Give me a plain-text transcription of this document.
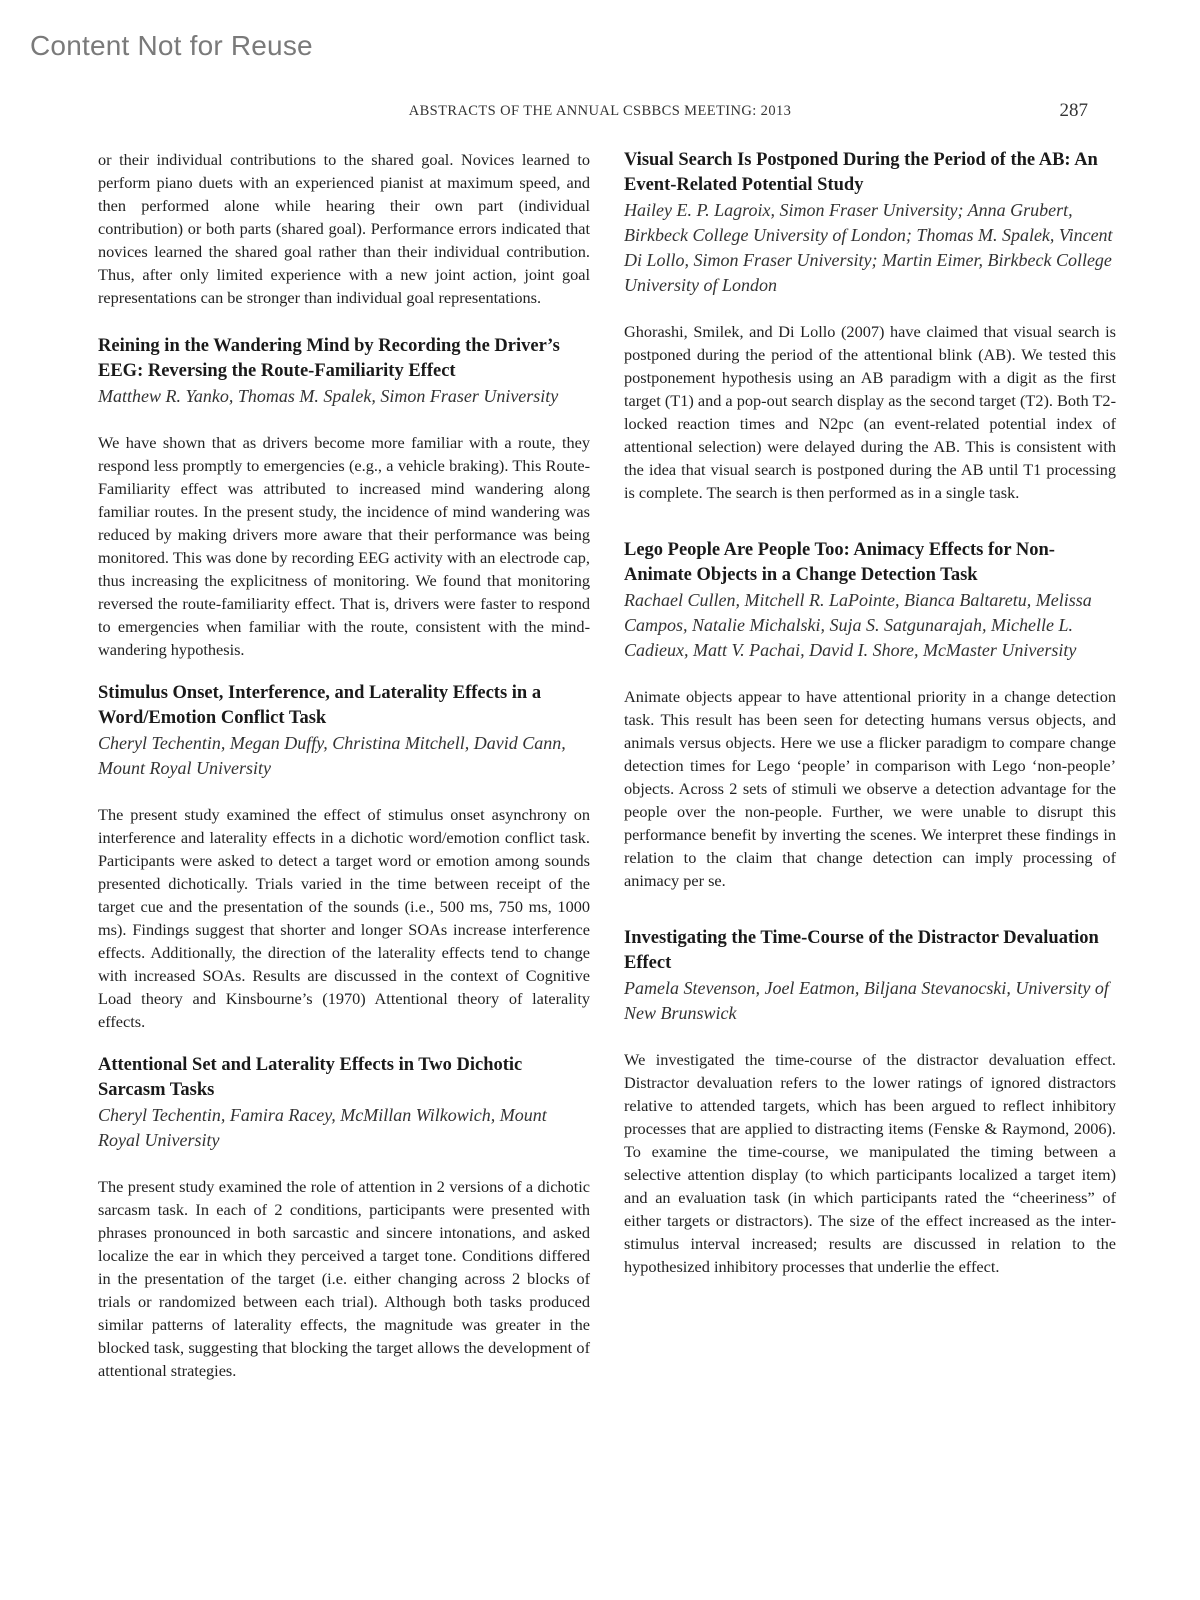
Content Not for Reuse
ABSTRACTS OF THE ANNUAL CSBBCS MEETING: 2013	287

or their individual contributions to the shared goal. Novices learned to perform piano duets with an experienced pianist at maximum speed, and then performed alone while hearing their own part (individual contribution) or both parts (shared goal). Performance errors indicated that novices learned the shared goal rather than their individual contribution. Thus, after only limited experience with a new joint action, joint goal representations can be stronger than individual goal representations.

Reining in the Wandering Mind by Recording the Driver’s EEG: Reversing the Route-Familiarity Effect

Matthew R. Yanko, Thomas M. Spalek, Simon Fraser University

We have shown that as drivers become more familiar with a route, they respond less promptly to emergencies (e.g., a vehicle braking). This Route-Familiarity effect was attributed to increased mind wandering along familiar routes. In the present study, the incidence of mind wandering was reduced by making drivers more aware that their performance was being monitored. This was done by recording EEG activity with an electrode cap, thus increasing the explicitness of monitoring. We found that monitoring reversed the route-familiarity effect. That is, drivers were faster to respond to emergencies when familiar with the route, consistent with the mind-wandering hypothesis.

Stimulus Onset, Interference, and Laterality Effects in a Word/Emotion Conflict Task

Cheryl Techentin, Megan Duffy, Christina Mitchell, David Cann, Mount Royal University

The present study examined the effect of stimulus onset asynchrony on interference and laterality effects in a dichotic word/emotion conflict task. Participants were asked to detect a target word or emotion among sounds presented dichotically. Trials varied in the time between receipt of the target cue and the presentation of the sounds (i.e., 500 ms, 750 ms, 1000 ms). Findings suggest that shorter and longer SOAs increase interference effects. Additionally, the direction of the laterality effects tend to change with increased SOAs. Results are discussed in the context of Cognitive Load theory and Kinsbourne’s (1970) Attentional theory of laterality effects.

Attentional Set and Laterality Effects in Two Dichotic Sarcasm Tasks

Cheryl Techentin, Famira Racey, McMillan Wilkowich, Mount Royal University

The present study examined the role of attention in 2 versions of a dichotic sarcasm task. In each of 2 conditions, participants were presented with phrases pronounced in both sarcastic and sincere intonations, and asked localize the ear in which they perceived a target tone. Conditions differed in the presentation of the target (i.e. either changing across 2 blocks of trials or randomized between each trial). Although both tasks produced similar patterns of laterality effects, the magnitude was greater in the blocked task, suggesting that blocking the target allows the development of attentional strategies.

Visual Search Is Postponed During the Period of the AB: An Event-Related Potential Study

Hailey E. P. Lagroix, Simon Fraser University; Anna Grubert, Birkbeck College University of London; Thomas M. Spalek, Vincent Di Lollo, Simon Fraser University; Martin Eimer, Birkbeck College University of London

Ghorashi, Smilek, and Di Lollo (2007) have claimed that visual search is postponed during the period of the attentional blink (AB). We tested this postponement hypothesis using an AB paradigm with a digit as the first target (T1) and a pop-out search display as the second target (T2). Both T2-locked reaction times and N2pc (an event-related potential index of attentional selection) were delayed during the AB. This is consistent with the idea that visual search is postponed during the AB until T1 processing is complete. The search is then performed as in a single task.

Lego People Are People Too: Animacy Effects for Non-Animate Objects in a Change Detection Task

Rachael Cullen, Mitchell R. LaPointe, Bianca Baltaretu, Melissa Campos, Natalie Michalski, Suja S. Satgunarajah, Michelle L. Cadieux, Matt V. Pachai, David I. Shore, McMaster University

Animate objects appear to have attentional priority in a change detection task. This result has been seen for detecting humans versus objects, and animals versus objects. Here we use a flicker paradigm to compare change detection times for Lego ‘people’ in comparison with Lego ‘non-people’ objects. Across 2 sets of stimuli we observe a detection advantage for the people over the non-people. Further, we were unable to disrupt this performance benefit by inverting the scenes. We interpret these findings in relation to the claim that change detection can imply processing of animacy per se.

Investigating the Time-Course of the Distractor Devaluation Effect

Pamela Stevenson, Joel Eatmon, Biljana Stevanocski, University of New Brunswick

We investigated the time-course of the distractor devaluation effect. Distractor devaluation refers to the lower ratings of ignored distractors relative to attended targets, which has been argued to reflect inhibitory processes that are applied to distracting items (Fenske & Raymond, 2006). To examine the time-course, we manipulated the timing between a selective attention display (to which participants localized a target item) and an evaluation task (in which participants rated the “cheeriness” of either targets or distractors). The size of the effect increased as the inter-stimulus interval increased; results are discussed in relation to the hypothesized inhibitory processes that underlie the effect.
